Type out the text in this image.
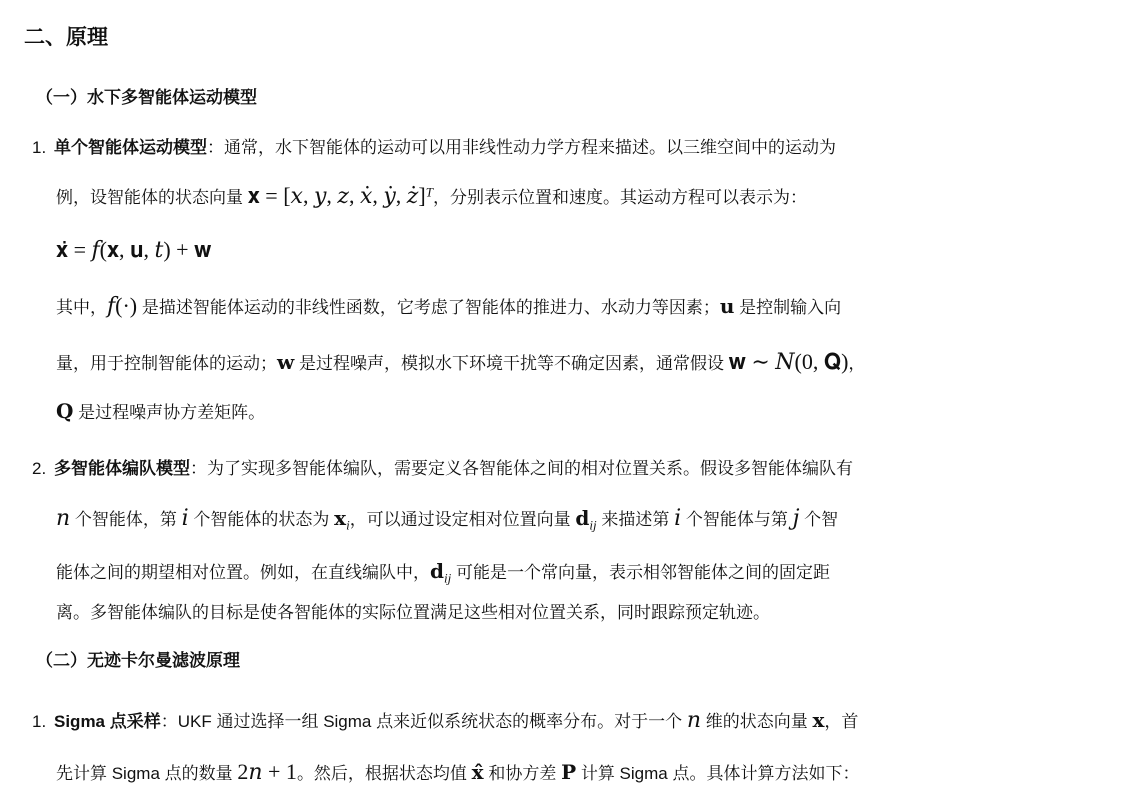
二、原理
（一）水下多智能体运动模型

1. 单个智能体运动模型：通常，水下智能体的运动可以用非线性动力学方程来描述。以三维空间中的运动为

例，设智能体的状态向量 𝐱 = [𝑥, 𝑦, 𝑧, 𝑥̇, 𝑦̇, 𝑧̇]$^T$，分别表示位置和速度。其运动方程可以表示为：

𝐱̇ = 𝑓(𝐱, 𝐮, 𝑡) + 𝐰

其中，𝑓(·) 是描述智能体运动的非线性函数，它考虑了智能体的推进力、水动力等因素；𝐮 是控制输入向

量，用于控制智能体的运动；𝐰 是过程噪声，模拟水下环境干扰等不确定因素，通常假设 𝐰 ∼ 𝑁(0, 𝐐)，

𝐐 是过程噪声协方差矩阵。

2. 多智能体编队模型：为了实现多智能体编队，需要定义各智能体之间的相对位置关系。假设多智能体编队有

𝑛 个智能体，第 𝑖 个智能体的状态为 𝐱$_i$，可以通过设定相对位置向量 𝐝$_{ij}$ 来描述第 𝑖 个智能体与第 𝑗 个智

能体之间的期望相对位置。例如，在直线编队中，𝐝$_{ij}$ 可能是一个常向量，表示相邻智能体之间的固定距

离。多智能体编队的目标是使各智能体的实际位置满足这些相对位置关系，同时跟踪预定轨迹。

（二）无迹卡尔曼滤波原理

1. Sigma 点采样：UKF 通过选择一组 Sigma 点来近似系统状态的概率分布。对于一个 𝑛 维的状态向量 𝐱，首

先计算 Sigma 点的数量 2𝑛 + 1。然后，根据状态均值 𝐱̂ 和协方差 𝐏 计算 Sigma 点。具体计算方法如下：
